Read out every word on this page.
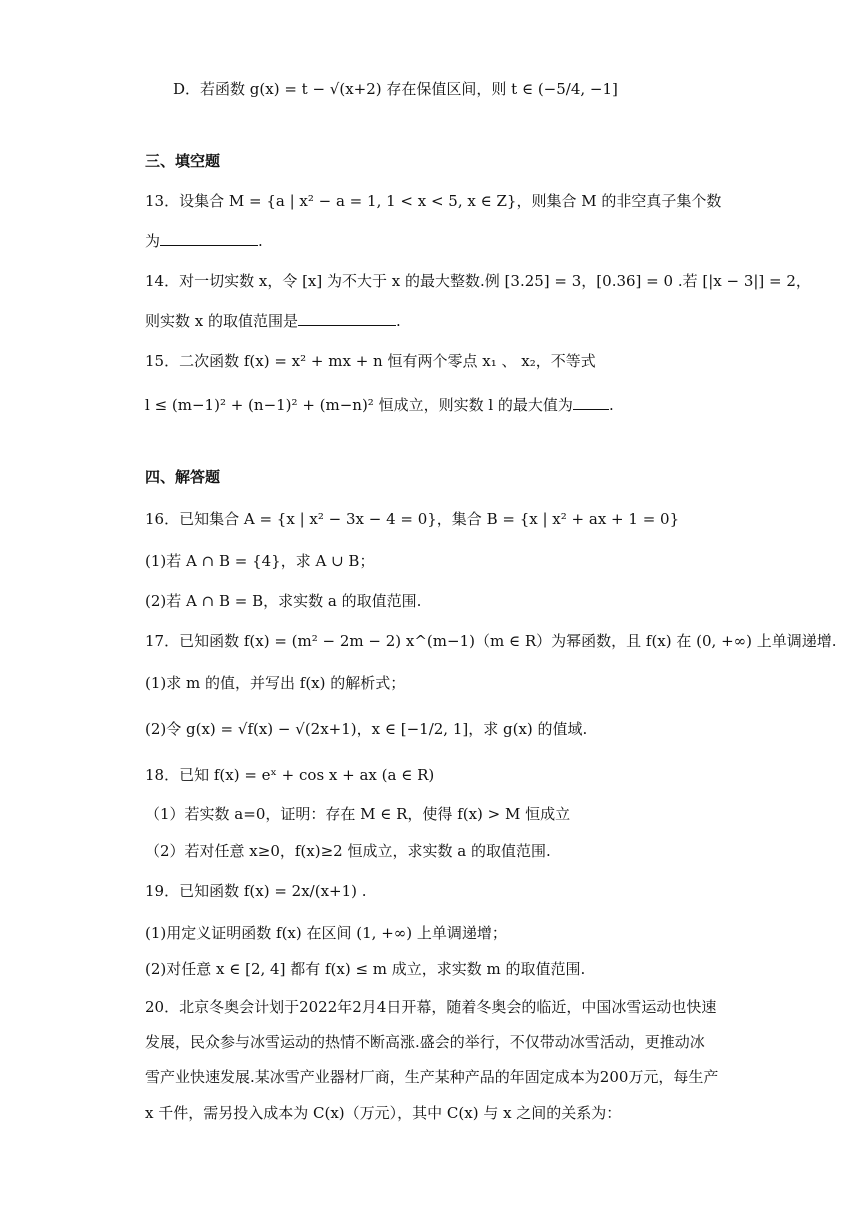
D．若函数 g(x) = t − √(x+2) 存在保值区间，则 t ∈ (−5/4, −1]
三、填空题
13．设集合 M = {a | x² − a = 1, 1 < x < 5, x ∈ Z}，则集合 M 的非空真子集个数
为	.
14．对一切实数 x，令 [x] 为不大于 x 的最大整数.例 [3.25] = 3，[0.36] = 0 .若 [|x − 3|] = 2，
则实数 x 的取值范围是	.
15．二次函数 f(x) = x² + mx + n 恒有两个零点 x₁ 、 x₂，不等式
l ≤ (m−1)² + (n−1)² + (m−n)² 恒成立，则实数 l 的最大值为 .
四、解答题
16．已知集合 A = {x | x² − 3x − 4 = 0}，集合 B = {x | x² + ax + 1 = 0}
(1)若 A ∩ B = {4}，求 A ∪ B；
(2)若 A ∩ B = B，求实数 a 的取值范围.
17．已知函数 f(x) = (m² − 2m − 2) x^(m−1)（m ∈ R）为幂函数，且 f(x) 在 (0, +∞) 上单调递增.
(1)求 m 的值，并写出 f(x) 的解析式；
(2)令 g(x) = √f(x) − √(2x+1)，x ∈ [−1/2, 1]，求 g(x) 的值域.
18．已知 f(x) = eˣ + cos x + ax (a ∈ R)
（1）若实数 a=0，证明：存在 M ∈ R，使得 f(x) > M 恒成立
（2）若对任意 x≥0，f(x)≥2 恒成立，求实数 a 的取值范围.
19．已知函数 f(x) = 2x/(x+1) .
(1)用定义证明函数 f(x) 在区间 (1, +∞) 上单调递增；
(2)对任意 x ∈ [2, 4] 都有 f(x) ≤ m 成立，求实数 m 的取值范围.
20．北京冬奥会计划于2022年2月4日开幕，随着冬奥会的临近，中国冰雪运动也快速
发展，民众参与冰雪运动的热情不断高涨.盛会的举行，不仅带动冰雪活动，更推动冰
雪产业快速发展.某冰雪产业器材厂商，生产某种产品的年固定成本为200万元，每生产
x 千件，需另投入成本为 C(x)（万元），其中 C(x) 与 x 之间的关系为：
